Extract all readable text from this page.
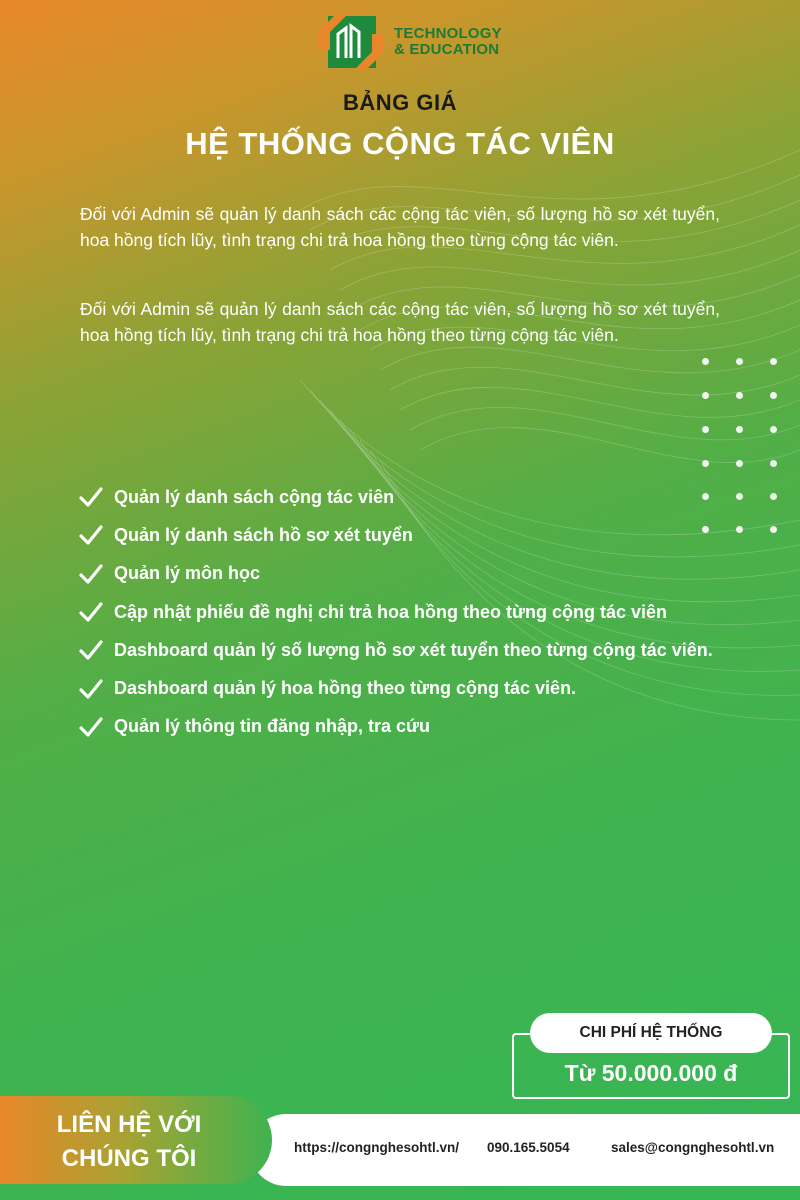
TECHNOLOGY
& EDUCATION
BẢNG GIÁ
HỆ THỐNG CỘNG TÁC VIÊN
Đối với Admin sẽ quản lý danh sách các cộng tác viên, số lượng hồ sơ xét tuyển, hoa hồng tích lũy, tình trạng chi trả hoa hồng theo từng cộng tác viên.
Đối với Admin sẽ quản lý danh sách các cộng tác viên, số lượng hồ sơ xét tuyển, hoa hồng tích lũy, tình trạng chi trả hoa hồng theo từng cộng tác viên.
Quản lý danh sách cộng tác viên
Quản lý danh sách hồ sơ xét tuyển
Quản lý môn học
Cập nhật phiếu đề nghị chi trả hoa hồng theo từng cộng tác viên
Dashboard quản lý số lượng hồ sơ xét tuyển theo từng cộng tác viên.
Dashboard quản lý hoa hồng theo từng cộng tác viên.
Quản lý thông tin đăng nhập, tra cứu
CHI PHÍ HỆ THỐNG
Từ 50.000.000 đ
LIÊN HỆ VỚI
CHÚNG TÔI	https://congnghesohtl.vn/ 090.165.5054	sales@congnghesohtl.vn
